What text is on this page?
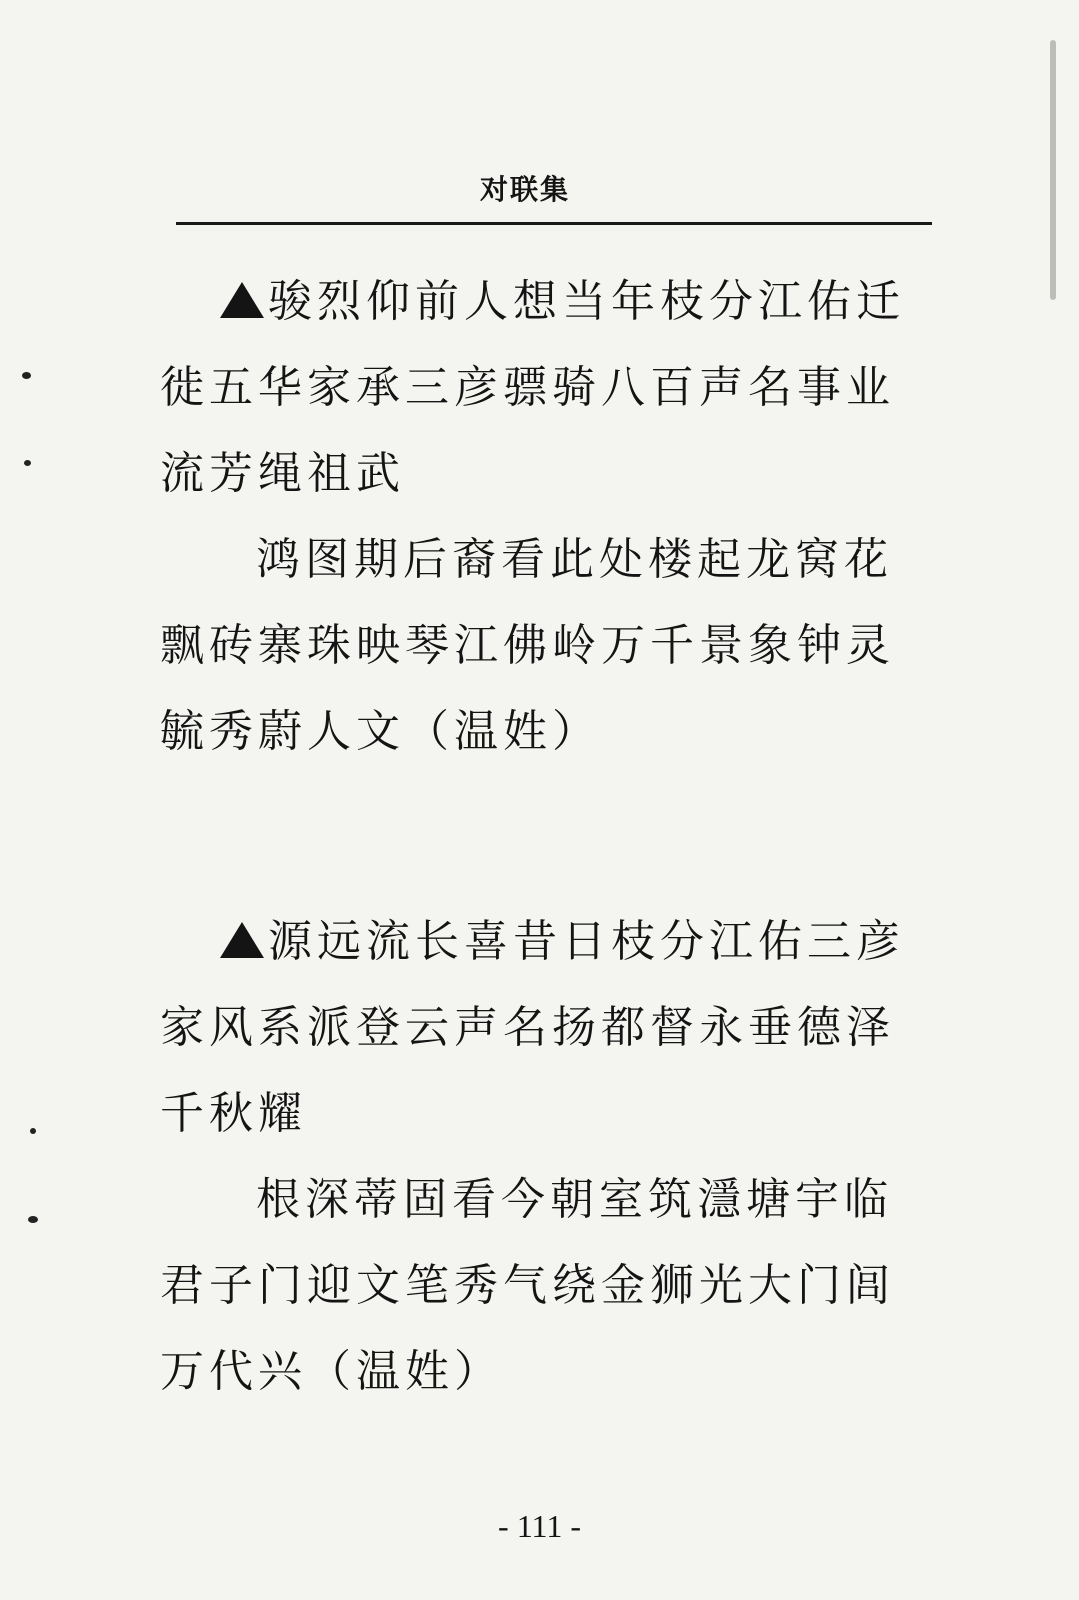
对联集
骏烈仰前人想当年枝分江佑迁
徙五华家承三彦骠骑八百声名事业
流芳绳祖武
鸿图期后裔看此处楼起龙窝花
飘砖寨珠映琴江佛岭万千景象钟灵
毓秀蔚人文（温姓）
源远流长喜昔日枝分江佑三彦
家风系派登云声名扬都督永垂德泽
千秋耀
根深蒂固看今朝室筑濦塘宇临
君子门迎文笔秀气绕金狮光大门闾
万代兴（温姓）
- 111 -
